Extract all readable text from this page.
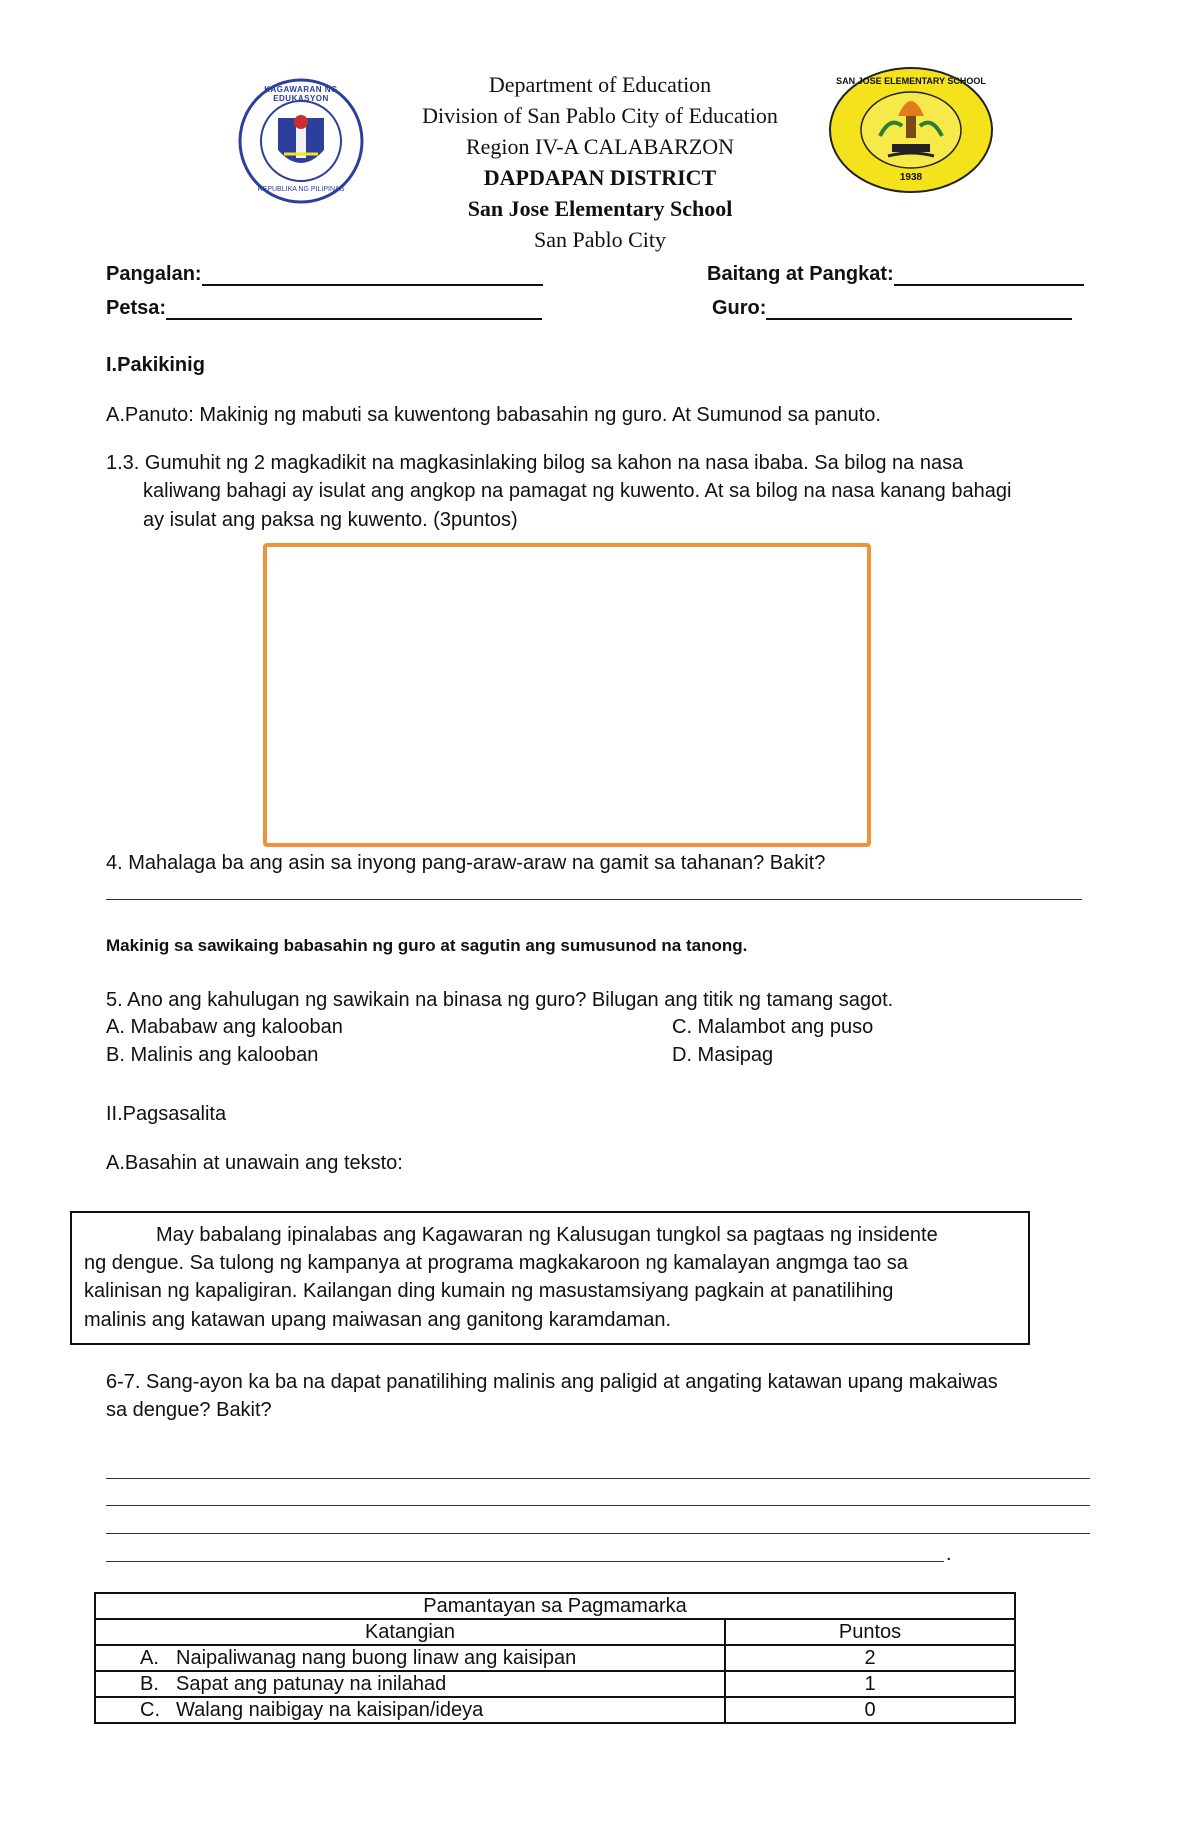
KAGAWARAN NG EDUKASYON
REPUBLIKA NG PILIPINAS
SAN JOSE ELEMENTARY SCHOOL
1938
Department of Education
Division of San Pablo City of Education
Region IV-A CALABARZON
DAPDAPAN DISTRICT
San Jose Elementary School
San Pablo City
Pangalan:	Baitang at Pangkat:
Petsa:	Guro:
I.Pakikinig
A.Panuto: Makinig ng mabuti sa kuwentong babasahin ng guro. At Sumunod sa panuto.
1.3. Gumuhit ng 2 magkadikit na magkasinlaking bilog sa kahon na nasa ibaba. Sa bilog na nasa
kaliwang bahagi ay isulat ang angkop na pamagat ng kuwento. At sa bilog na nasa kanang bahagi
ay isulat ang paksa ng kuwento. (3puntos)
4. Mahalaga ba ang asin sa inyong pang-araw-araw na gamit sa tahanan? Bakit?
Makinig sa sawikaing babasahin ng guro at sagutin ang sumusunod na tanong.
5. Ano ang kahulugan ng sawikain na binasa ng guro? Bilugan ang titik ng tamang sagot.
A. Mababaw ang kalooban	C. Malambot ang puso
B. Malinis ang kalooban	D. Masipag
II.Pagsasalita
A.Basahin at unawain ang teksto:
May babalang ipinalabas ang Kagawaran ng Kalusugan tungkol sa pagtaas ng insidente
ng dengue. Sa tulong ng kampanya at programa magkakaroon ng kamalayan angmga tao sa
kalinisan ng kapaligiran. Kailangan ding kumain ng masustamsiyang pagkain at panatilihing
malinis ang katawan upang maiwasan ang ganitong karamdaman.
6-7. Sang-ayon ka ba na dapat panatilihing malinis ang paligid at angating katawan upang makaiwas
sa dengue? Bakit?
.
Pamantayan sa Pagmamarka	
Katangian	Puntos
A. Naipaliwanag nang buong linaw ang kaisipan	2
B. Sapat ang patunay na inilahad	1
C. Walang naibigay na kaisipan/ideya	0
